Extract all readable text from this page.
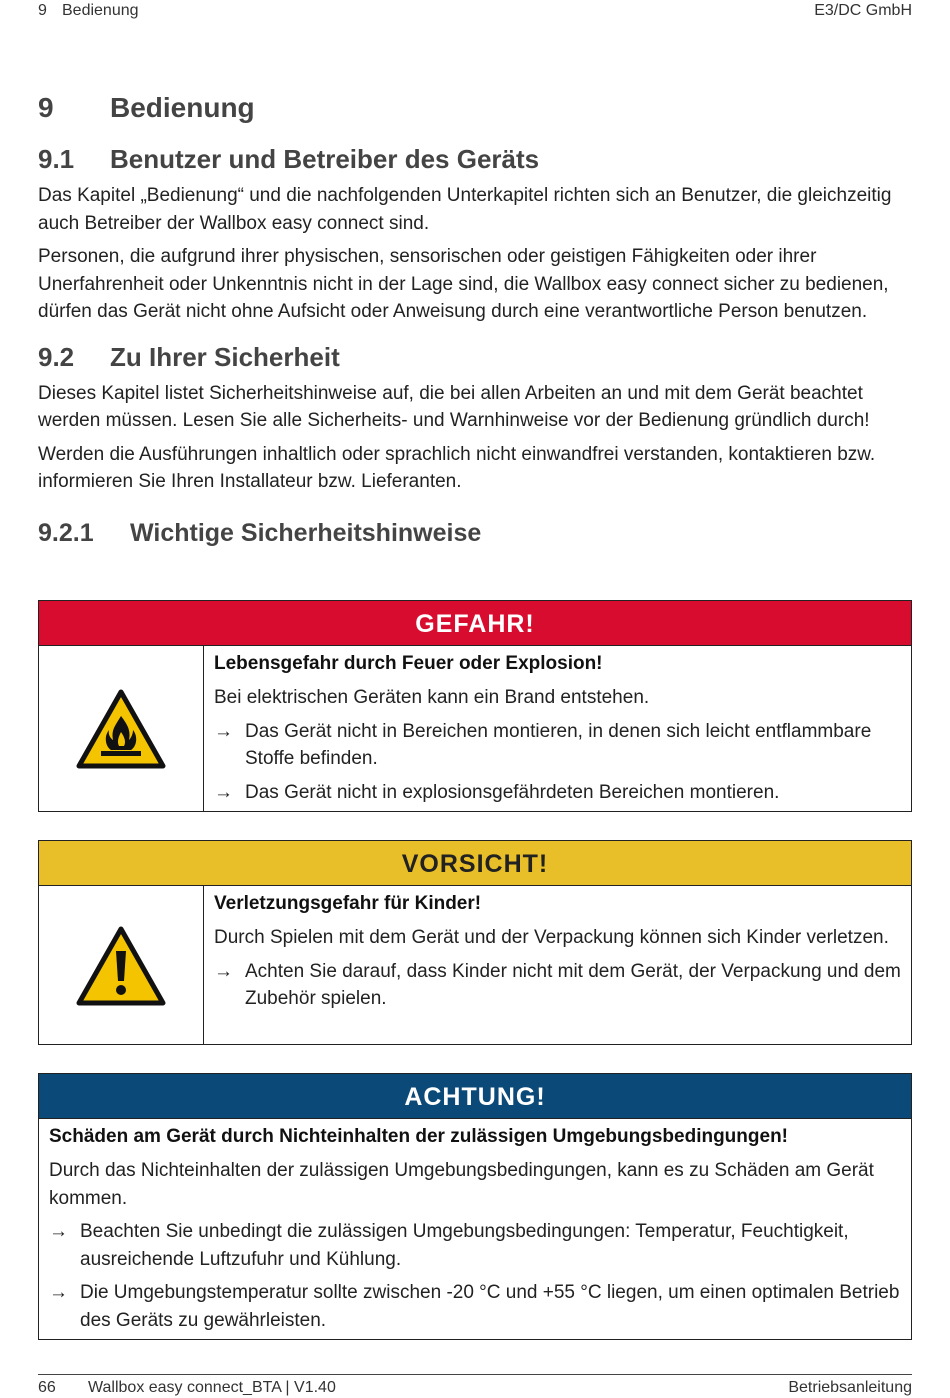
9 Bedienung	E3/DC GmbH
9 Bedienung
9.1 Benutzer und Betreiber des Geräts

Das Kapitel „Bedienung“ und die nachfolgenden Unterkapitel richten sich an Benutzer, die gleichzeitig auch Betreiber der Wallbox easy connect sind.

Personen, die aufgrund ihrer physischen, sensorischen oder geistigen Fähigkeiten oder ihrer Unerfahrenheit oder Unkenntnis nicht in der Lage sind, die Wallbox easy connect sicher zu bedienen, dürfen das Gerät nicht ohne Aufsicht oder Anweisung durch eine verantwortliche Person benutzen.

9.2 Zu Ihrer Sicherheit

Dieses Kapitel listet Sicherheitshinweise auf, die bei allen Arbeiten an und mit dem Gerät beachtet werden müssen. Lesen Sie alle Sicherheits- und Warnhinweise vor der Bedienung gründlich durch!

Werden die Ausführungen inhaltlich oder sprachlich nicht einwandfrei verstanden, kontaktieren bzw. informieren Sie Ihren Installateur bzw. Lieferanten.

9.2.1 Wichtige Sicherheitshinweise
GEFAHR!
Lebensgefahr durch Feuer oder Explosion!
Bei elektrischen Geräten kann ein Brand entstehen.
→ Das Gerät nicht in Bereichen montieren, in denen sich leicht entflammbare Stoffe befinden.
→ Das Gerät nicht in explosionsgefährdeten Bereichen montieren.
VORSICHT!
Verletzungsgefahr für Kinder!
Durch Spielen mit dem Gerät und der Verpackung können sich Kinder verletzen.
→ Achten Sie darauf, dass Kinder nicht mit dem Gerät, der Verpackung und dem Zubehör spielen.
ACHTUNG!
Schäden am Gerät durch Nichteinhalten der zulässigen Umgebungsbedingungen!
Durch das Nichteinhalten der zulässigen Umgebungsbedingungen, kann es zu Schäden am Gerät kommen.
→ Beachten Sie unbedingt die zulässigen Umgebungsbedingungen: Temperatur, Feuchtigkeit, ausreichende Luftzufuhr und Kühlung.
→ Die Umgebungstemperatur sollte zwischen -20 °C und +55 °C liegen, um einen optimalen Betrieb des Geräts zu gewährleisten.
66 Wallbox easy connect_BTA | V1.40	Betriebsanleitung
